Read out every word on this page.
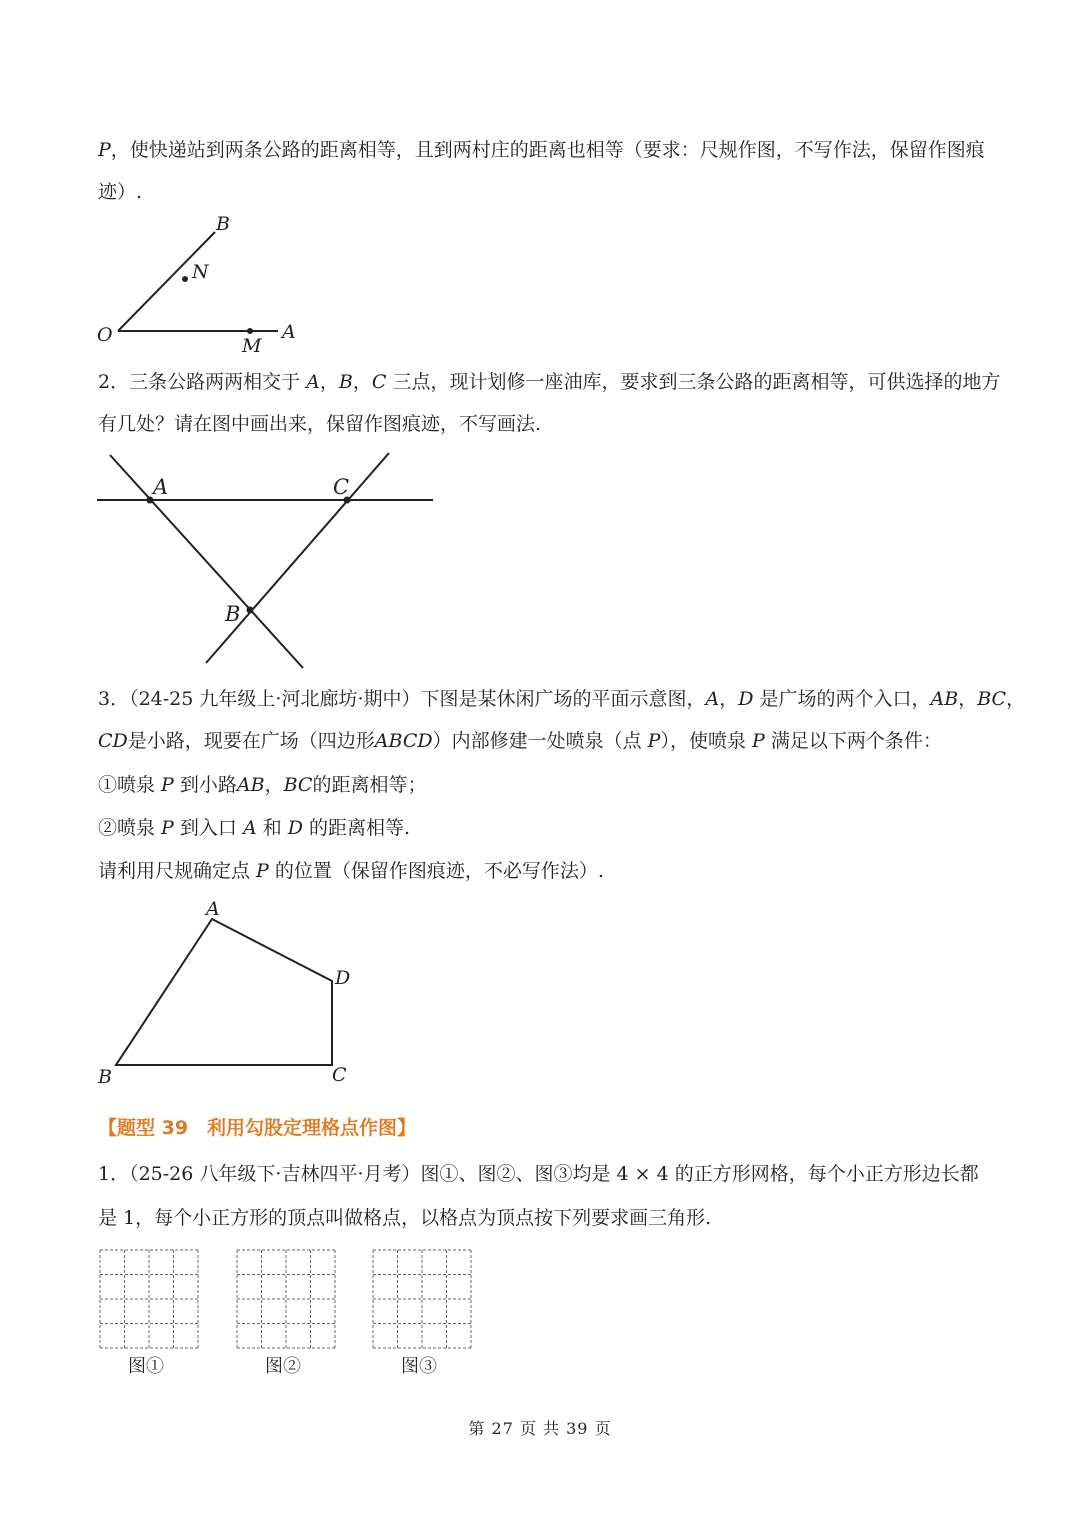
P，使快递站到两条公路的距离相等，且到两村庄的距离也相等（要求：尺规作图，不写作法，保留作图痕
迹）.
B
N
O	M
A
2．三条公路两两相交于 A，B，C 三点，现计划修一座油库，要求到三条公路的距离相等，可供选择的地方
有几处？请在图中画出来，保留作图痕迹，不写画法.
A	C
B
3．（24-25 九年级上·河北廊坊·期中）下图是某休闲广场的平面示意图，A，D 是广场的两个入口，AB，BC，
CD是小路，现要在广场（四边形ABCD）内部修建一处喷泉（点 P），使喷泉 P 满足以下两个条件：
①喷泉 P 到小路AB，BC的距离相等；
②喷泉 P 到入口 A 和 D 的距离相等.
请利用尺规确定点 P 的位置（保留作图痕迹，不必写作法）.
A
D
B	C
【题型 39　利用勾股定理格点作图】
1．（25-26 八年级下·吉林四平·月考）图①、图②、图③均是 4 × 4 的正方形网格，每个小正方形边长都
是 1，每个小正方形的顶点叫做格点，以格点为顶点按下列要求画三角形.
图①	图②	图③
第 27 页 共 39 页
